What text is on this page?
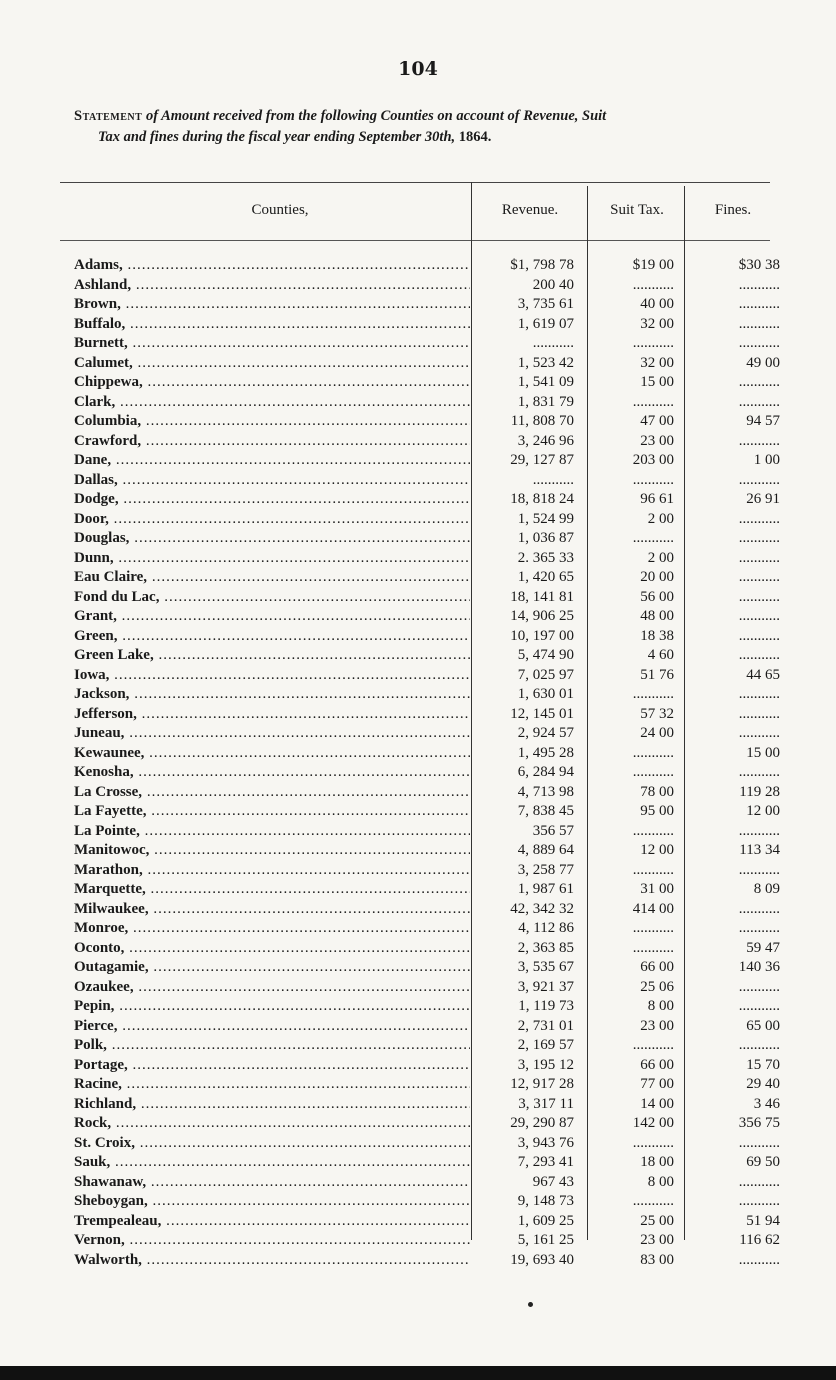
104
Statement of Amount received from the following Counties on account of Revenue, Suit
Tax and fines during the fiscal year ending September 30th, 1864.
Counties,	Revenue.	Suit Tax.	Fines.
Adams, .....	$1, 798 78	$19 00	$30 38
Ashland, .....	200 40	...........	...........
Brown, .....	3, 735 61	40 00	...........
Buffalo, .....	1, 619 07	32 00	...........
Burnett, .....	...........	...........	...........
Calumet, .....	1, 523 42	32 00	49 00
Chippewa, .....	1, 541 09	15 00	...........
Clark, .....	1, 831 79	...........	...........
Columbia, .....	11, 808 70	47 00	94 57
Crawford, .....	3, 246 96	23 00	...........
Dane, .....	29, 127 87	203 00	1 00
Dallas, .....	...........	...........	...........
Dodge, .....	18, 818 24	96 61	26 91
Door, .....	1, 524 99	2 00	...........
Douglas, .....	1, 036 87	...........	...........
Dunn, .....	2. 365 33	2 00	...........
Eau Claire, .....	1, 420 65	20 00	...........
Fond du Lac, .....	18, 141 81	56 00	...........
Grant, .....	14, 906 25	48 00	...........
Green, .....	10, 197 00	18 38	...........
Green Lake, .....	5, 474 90	4 60	...........
Iowa, .....	7, 025 97	51 76	44 65
Jackson, .....	1, 630 01	...........	...........
Jefferson, .....	12, 145 01	57 32	...........
Juneau, .....	2, 924 57	24 00	...........
Kewaunee, .....	1, 495 28	...........	15 00
Kenosha, .....	6, 284 94	...........	...........
La Crosse, .....	4, 713 98	78 00	119 28
La Fayette, .....	7, 838 45	95 00	12 00
La Pointe, .....	356 57	...........	...........
Manitowoc, .....	4, 889 64	12 00	113 34
Marathon, .....	3, 258 77	...........	...........
Marquette, .....	1, 987 61	31 00	8 09
Milwaukee, .....	42, 342 32	414 00	...........
Monroe, .....	4, 112 86	...........	...........
Oconto, .....	2, 363 85	...........	59 47
Outagamie, .....	3, 535 67	66 00	140 36
Ozaukee, .....	3, 921 37	25 06	...........
Pepin, .....	1, 119 73	8 00	...........
Pierce, .....	2, 731 01	23 00	65 00
Polk, .....	2, 169 57	...........	...........
Portage, .....	3, 195 12	66 00	15 70
Racine, .....	12, 917 28	77 00	29 40
Richland, .....	3, 317 11	14 00	3 46
Rock, .....	29, 290 87	142 00	356 75
St. Croix, .....	3, 943 76	...........	...........
Sauk, .....	7, 293 41	18 00	69 50
Shawanaw, .....	967 43	8 00	...........
Sheboygan, .....	9, 148 73	...........	...........
Trempealeau, .....	1, 609 25	25 00	51 94
Vernon, .....	5, 161 25	23 00	116 62
Walworth, .....	19, 693 40	83 00	...........
